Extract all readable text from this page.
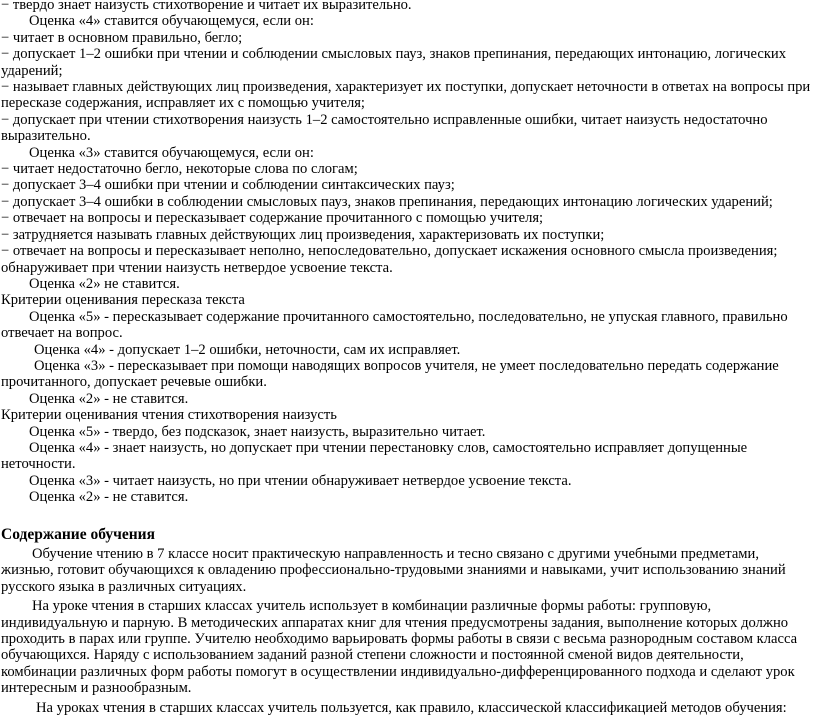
− твердо знает наизусть стихотворение и читает их выразительно.

Оценка «4» ставится обучающемуся, если он:

− читает в основном правильно, бегло;

− допускает 1–2 ошибки при чтении и соблюдении смысловых пауз, знаков препинания, передающих интонацию, логических ударений;

− называет главных действующих лиц произведения, характеризует их поступки, допускает неточности в ответах на вопросы при пересказе содержания, исправляет их с помощью учителя;

− допускает при чтении стихотворения наизусть 1–2 самостоятельно исправленные ошибки, читает наизусть недостаточно выразительно.

Оценка «3» ставится обучающемуся, если он:

− читает недостаточно бегло, некоторые слова по слогам;

− допускает 3–4 ошибки при чтении и соблюдении синтаксических пауз;

− допускает 3–4 ошибки в соблюдении смысловых пауз, знаков препинания, передающих интонацию логических ударений;

− отвечает на вопросы и пересказывает содержание прочитанного с помощью учителя;

− затрудняется называть главных действующих лиц произведения, характеризовать их поступки;

− отвечает на вопросы и пересказывает неполно, непоследовательно, допускает искажения основного смысла произведения; обнаруживает при чтении наизусть нетвердое усвоение текста.

Оценка «2» не ставится.

Критерии оценивания пересказа текста

Оценка «5» - пересказывает содержание прочитанного самостоятельно, последовательно, не упуская главного, правильно отвечает на вопрос.

Оценка «4» - допускает 1–2 ошибки, неточности, сам их исправляет.

Оценка «3» - пересказывает при помощи наводящих вопросов учителя, не умеет последовательно передать содержание прочитанного, допускает речевые ошибки.

Оценка «2» - не ставится.

Критерии оценивания чтения стихотворения наизусть

Оценка «5» - твердо, без подсказок, знает наизусть, выразительно читает.

Оценка «4» - знает наизусть, но допускает при чтении перестановку слов, самостоятельно исправляет допущенные неточности.

Оценка «3» - читает наизусть, но при чтении обнаруживает нетвердое усвоение текста.

Оценка «2» - не ставится.

Содержание обучения

Обучение чтению в 7 классе носит практическую направленность и тесно связано с другими учебными предметами, жизнью, готовит обучающихся к овладению профессионально-трудовыми знаниями и навыками, учит использованию знаний русского языка в различных ситуациях.

На уроке чтения в старших классах учитель использует в комбинации различные формы работы: групповую, индивидуальную и парную. В методических аппаратах книг для чтения предусмотрены задания, выполнение которых должно проходить в парах или группе. Учителю необходимо варьировать формы работы в связи с весьма разнородным составом класса обучающихся. Наряду с использованием заданий разной степени сложности и постоянной сменой видов деятельности, комбинации различных форм работы помогут в осуществлении индивидуально-дифференцированного подхода и сделают урок интересным и разнообразным.

На уроках чтения в старших классах учитель пользуется, как правило, классической классификацией методов обучения:
